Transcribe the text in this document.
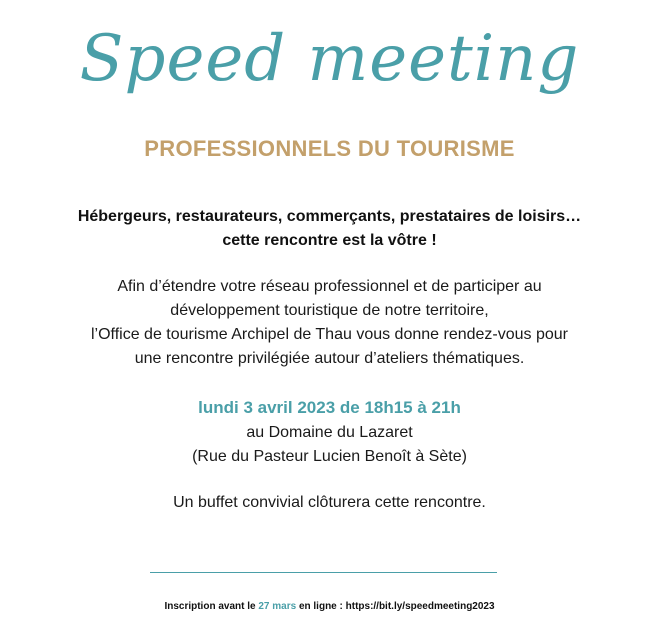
Speed meeting
PROFESSIONNELS DU TOURISME
Hébergeurs, restaurateurs, commerçants, prestataires de loisirs…
cette rencontre est la vôtre !
Afin d’étendre votre réseau professionnel et de participer au
développement touristique de notre territoire,
l’Office de tourisme Archipel de Thau vous donne rendez-vous pour
une rencontre privilégiée autour d’ateliers thématiques.
lundi 3 avril 2023 de 18h15 à 21h
au Domaine du Lazaret
(Rue du Pasteur Lucien Benoît à Sète)
Un buffet convivial clôturera cette rencontre.
Inscription avant le 27 mars en ligne : https://bit.ly/speedmeeting2023
